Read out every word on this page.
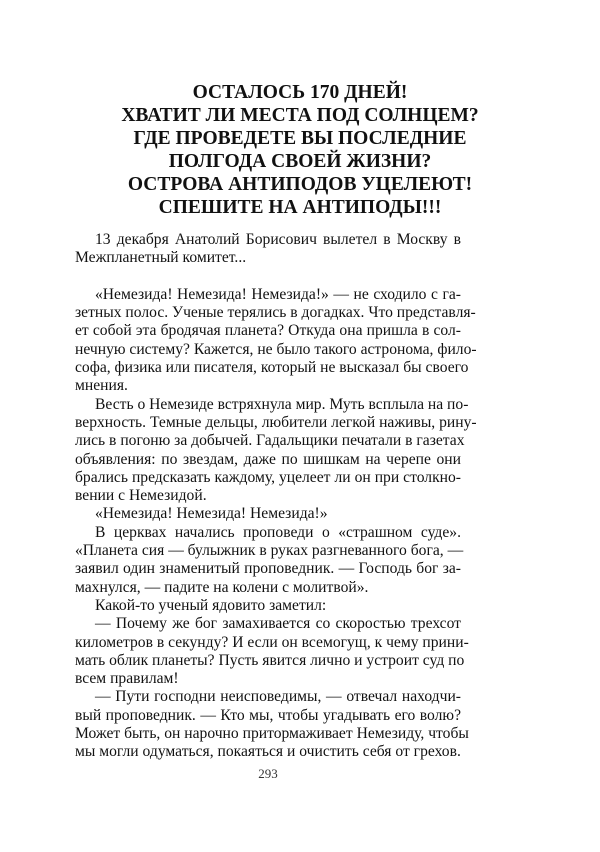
ОСТАЛОСЬ 170 ДНЕЙ!
ХВАТИТ ЛИ МЕСТА ПОД СОЛНЦЕМ?
ГДЕ ПРОВЕДЕТЕ ВЫ ПОСЛЕДНИЕ
ПОЛГОДА СВОЕЙ ЖИЗНИ?
ОСТРОВА АНТИПОДОВ УЦЕЛЕЮТ!
СПЕШИТЕ НА АНТИПОДЫ!!!
13 декабря Анатолий Борисович вылетел в Москву в
Межпланетный комитет...
«Немезида! Немезида! Немезида!» — не сходило с га-
зетных полос. Ученые терялись в догадках. Что представля-
ет собой эта бродячая планета? Откуда она пришла в сол-
нечную систему? Кажется, не было такого астронома, фило-
софа, физика или писателя, который не высказал бы своего
мнения.
Весть о Немезиде встряхнула мир. Муть всплыла на по-
верхность. Темные дельцы, любители легкой наживы, рину-
лись в погоню за добычей. Гадальщики печатали в газетах
объявления: по звездам, даже по шишкам на черепе они
брались предсказать каждому, уцелеет ли он при столкно-
вении с Немезидой.
«Немезида! Немезида! Немезида!»
В церквах начались проповеди о «страшном суде».
«Планета сия — булыжник в руках разгневанного бога, —
заявил один знаменитый проповедник. — Господь бог за-
махнулся, — падите на колени с молитвой».
Какой-то ученый ядовито заметил:
— Почему же бог замахивается со скоростью трехсот
километров в секунду? И если он всемогущ, к чему прини-
мать облик планеты? Пусть явится лично и устроит суд по
всем правилам!
— Пути господни неисповедимы, — отвечал находчи-
вый проповедник. — Кто мы, чтобы угадывать его волю?
Может быть, он нарочно притормаживает Немезиду, чтобы
мы могли одуматься, покаяться и очистить себя от грехов.
293
